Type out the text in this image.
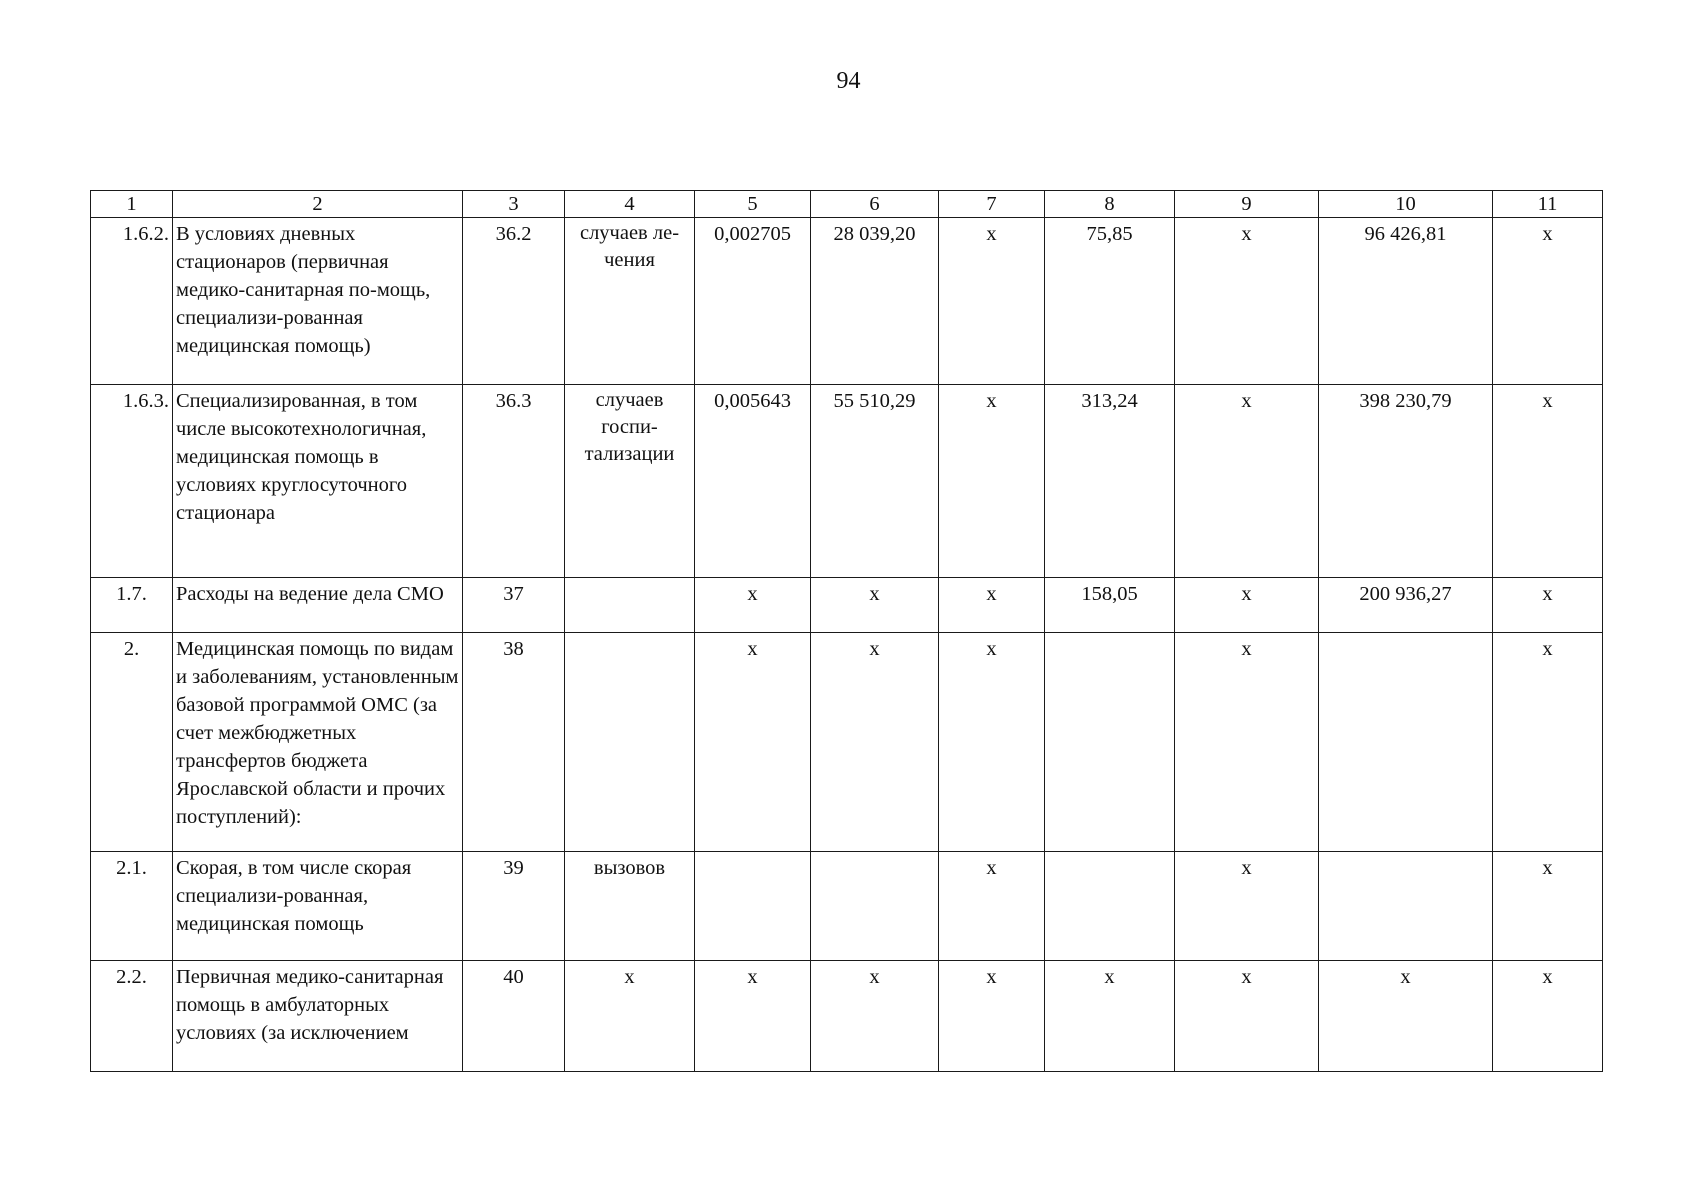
94
1	2	3	4	5	6	7	8	9	10	11
1.6.2.	В условиях дневных стационаров (первичная медико-санитарная по-мощь, специализи-рованная медицинская помощь)	36.2	случаев ле-чения	0,002705	28 039,20	x	75,85	x	96 426,81	x
1.6.3.	Специализированная, в том числе высокотехнологичная, медицинская помощь в условиях круглосуточного стационара	36.3	случаев госпи-тализации	0,005643	55 510,29	x	313,24	x	398 230,79	x
1.7.	Расходы на ведение дела СМО	37		x	x	x	158,05	x	200 936,27	x
2.	Медицинская помощь по видам и заболеваниям, установленным базовой программой ОМС (за счет межбюджетных трансфертов бюджета Ярославской области и прочих поступлений):	38		x	x	x		x		x
2.1.	Скорая, в том числе скорая специализи-рованная, медицинская помощь	39	вызовов			x		x		x
2.2.	Первичная медико-санитарная помощь в амбулаторных условиях (за исключением	40	x	x	x	x	x	x	x	x
